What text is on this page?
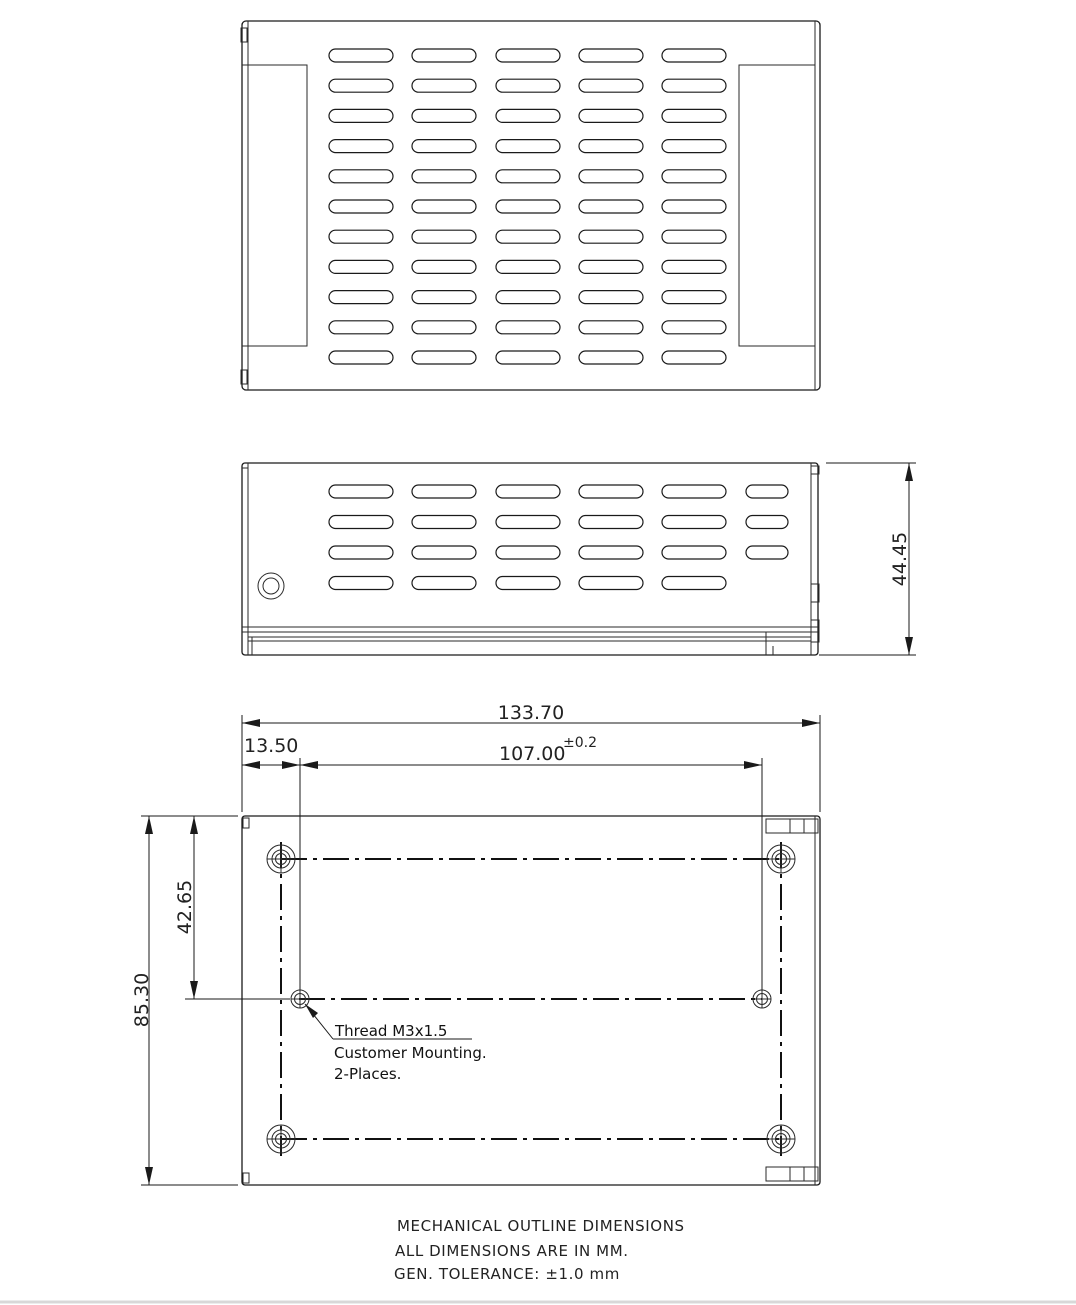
44.45
133.70
13.50	107.00
±0.2
85.30
42.65
Thread M3x1.5
Customer Mounting.
2-Places.
MECHANICAL OUTLINE DIMENSIONS
ALL DIMENSIONS ARE IN MM.
GEN. TOLERANCE: ±1.0 mm
